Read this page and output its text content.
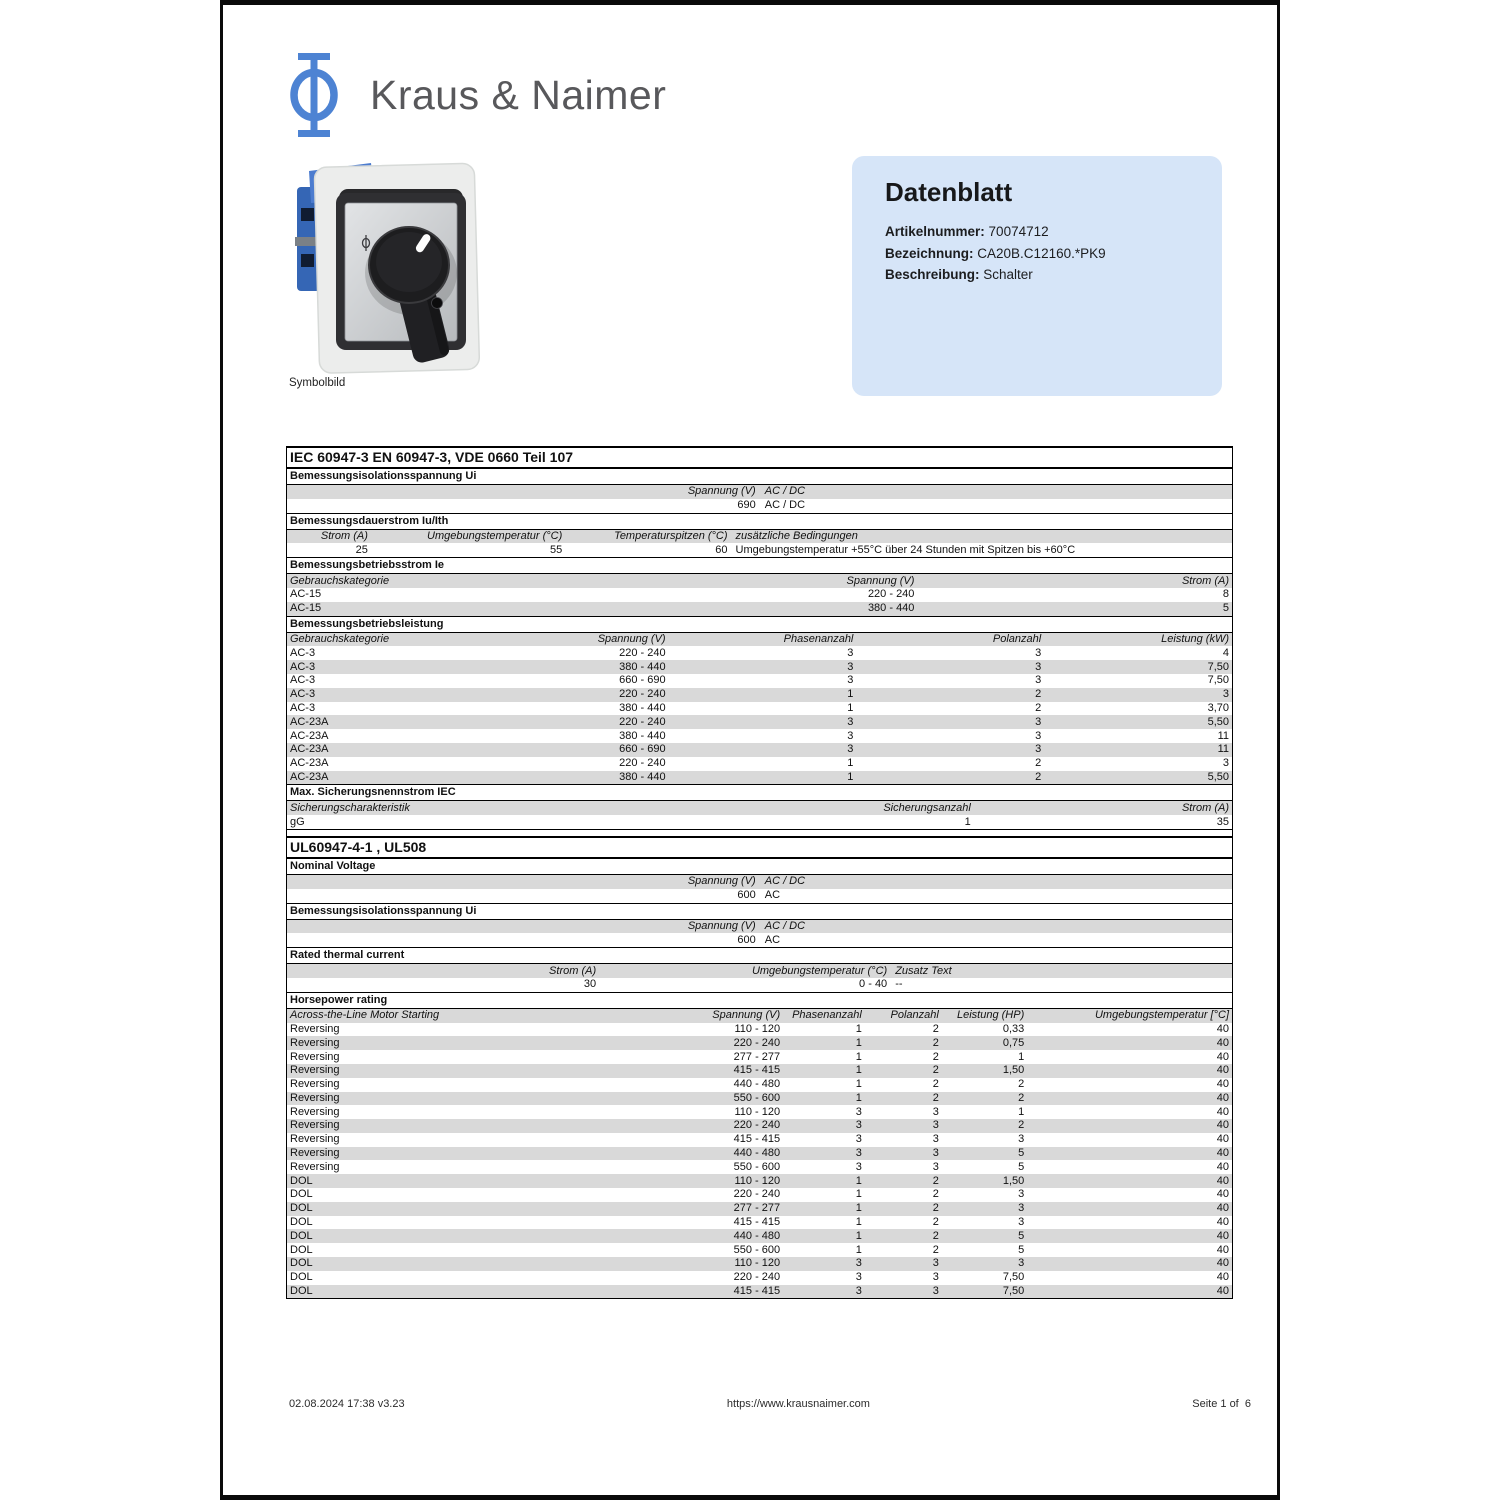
Kraus & Naimer
Symbolbild
Datenblatt
Artikelnummer: 70074712
Bezeichnung: CA20B.C12160.*PK9
Beschreibung: Schalter
IEC 60947-3 EN 60947-3, VDE 0660 Teil 107
Bemessungsisolationsspannung Ui
Spannung (V) AC / DC
690 AC / DC
Bemessungsdauerstrom Iu/Ith
Strom (A)	Umgebungstemperatur (°C)	Temperaturspitzen (°C) zusätzliche Bedingungen
25	55	60 Umgebungstemperatur +55°C über 24 Stunden mit Spitzen bis +60°C
Bemessungsbetriebsstrom Ie
Gebrauchskategorie	Spannung (V)	Strom (A)
AC-15	220 - 240	8
AC-15	380 - 440	5
Bemessungsbetriebsleistung
Gebrauchskategorie	Spannung (V)	Phasenanzahl	Polanzahl	Leistung (kW)
AC-3	220 - 240	3	3	4
AC-3	380 - 440	3	3	7,50
AC-3	660 - 690	3	3	7,50
AC-3	220 - 240	1	2	3
AC-3	380 - 440	1	2	3,70
AC-23A	220 - 240	3	3	5,50
AC-23A	380 - 440	3	3	11
AC-23A	660 - 690	3	3	11
AC-23A	220 - 240	1	2	3
AC-23A	380 - 440	1	2	5,50
Max. Sicherungsnennstrom IEC
Sicherungscharakteristik	Sicherungsanzahl	Strom (A)
gG	1	35
UL60947-4-1 , UL508
Nominal Voltage
Spannung (V) AC / DC
600 AC
Bemessungsisolationsspannung Ui
Spannung (V) AC / DC
600 AC
Rated thermal current
Strom (A)	Umgebungstemperatur (°C) Zusatz Text
30	0 - 40 --
Horsepower rating
Across-the-Line Motor Starting	Spannung (V)	Phasenanzahl	Polanzahl	Leistung (HP)	Umgebungstemperatur [°C]
Reversing	110 - 120	1	2	0,33	40
Reversing	220 - 240	1	2	0,75	40
Reversing	277 - 277	1	2	1	40
Reversing	415 - 415	1	2	1,50	40
Reversing	440 - 480	1	2	2	40
Reversing	550 - 600	1	2	2	40
Reversing	110 - 120	3	3	1	40
Reversing	220 - 240	3	3	2	40
Reversing	415 - 415	3	3	3	40
Reversing	440 - 480	3	3	5	40
Reversing	550 - 600	3	3	5	40
DOL	110 - 120	1	2	1,50	40
DOL	220 - 240	1	2	3	40
DOL	277 - 277	1	2	3	40
DOL	415 - 415	1	2	3	40
DOL	440 - 480	1	2	5	40
DOL	550 - 600	1	2	5	40
DOL	110 - 120	3	3	3	40
DOL	220 - 240	3	3	7,50	40
DOL	415 - 415	3	3	7,50	40
02.08.2024 17:38 v3.23	https://www.krausnaimer.com	Seite 1 of  6
